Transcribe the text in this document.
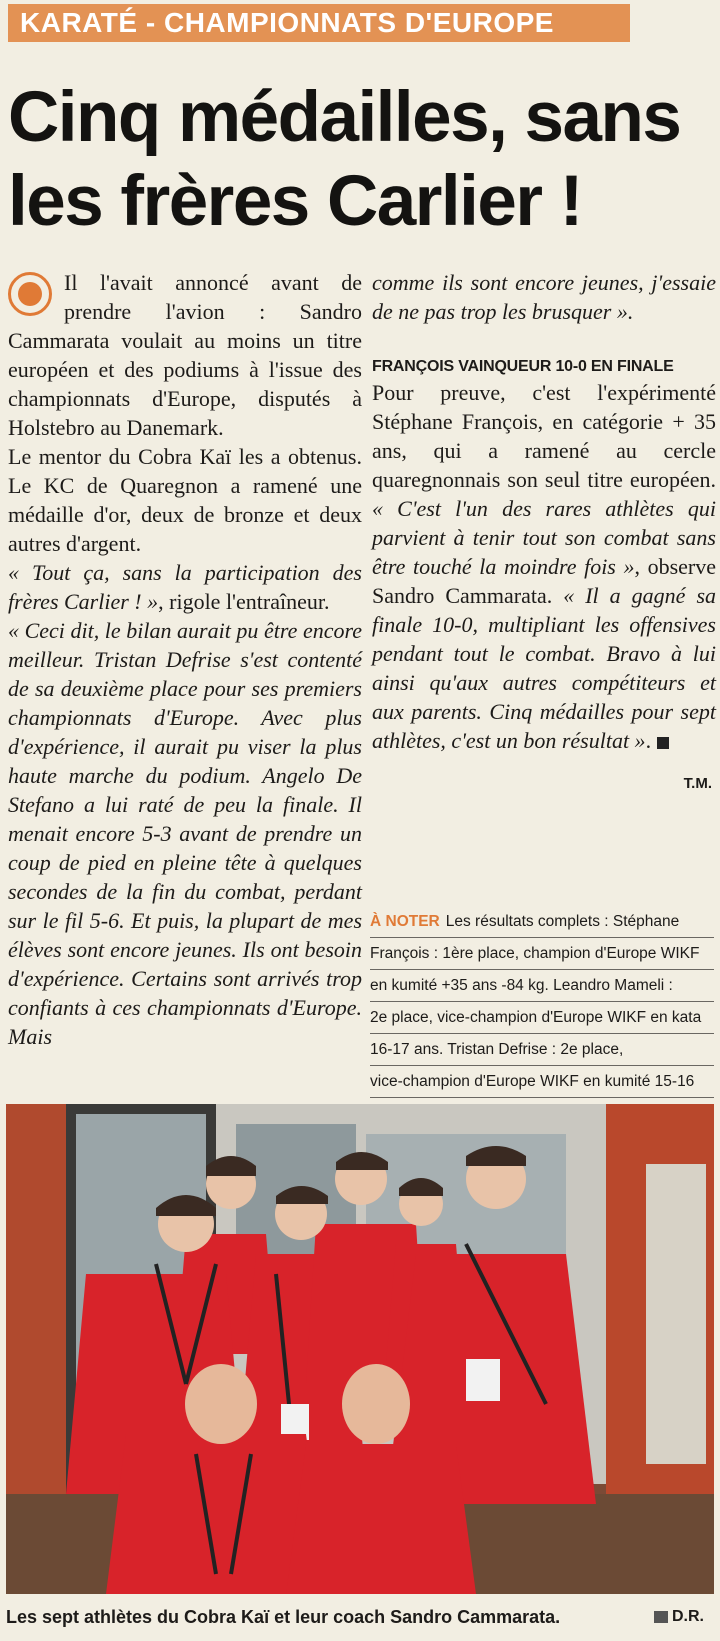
KARATÉ - CHAMPIONNATS D'EUROPE
Cinq médailles, sans
les frères Carlier !

Il l'avait annoncé avant de prendre l'avion : Sandro Cammarata voulait au moins un titre européen et des podiums à l'issue des championnats d'Europe, disputés à Holstebro au Danemark.

Le mentor du Cobra Kaï les a obtenus. Le KC de Quaregnon a ramené une médaille d'or, deux de bronze et deux autres d'argent.

« Tout ça, sans la participation des frères Carlier ! », rigole l'entraîneur.

« Ceci dit, le bilan aurait pu être encore meilleur. Tristan Defrise s'est contenté de sa deuxième place pour ses premiers championnats d'Europe. Avec plus d'expérience, il aurait pu viser la plus haute marche du podium. Angelo De Stefano a lui raté de peu la finale. Il menait encore 5-3 avant de prendre un coup de pied en pleine tête à quelques secondes de la fin du combat, perdant sur le fil 5-6. Et puis, la plupart de mes élèves sont encore jeunes. Ils ont besoin d'expérience. Certains sont arrivés trop confiants à ces championnats d'Europe. Mais

comme ils sont encore jeunes, j'essaie de ne pas trop les brusquer ».

FRANÇOIS VAINQUEUR 10-0 EN FINALE

Pour preuve, c'est l'expérimenté Stéphane François, en catégorie + 35 ans, qui a ramené au cercle quaregnonnais son seul titre européen. « C'est l'un des rares athlètes qui parvient à tenir tout son combat sans être touché la moindre fois », observe Sandro Cammarata. « Il a gagné sa finale 10-0, multipliant les offensives pendant tout le combat. Bravo à lui ainsi qu'aux autres compétiteurs et aux parents. Cinq médailles pour sept athlètes, c'est un bon résultat ».

T.M.

À NOTER Les résultats complets : Stéphane
François : 1ère place, champion d'Europe WIKF
en kumité +35 ans -84 kg. Leandro Mameli :
2e place, vice-champion d'Europe WIKF en kata
16-17 ans. Tristan Defrise : 2e place,
vice-champion d'Europe WIKF en kumité 15-16
Les sept athlètes du Cobra Kaï et leur coach Sandro Cammarata.	D.R.
